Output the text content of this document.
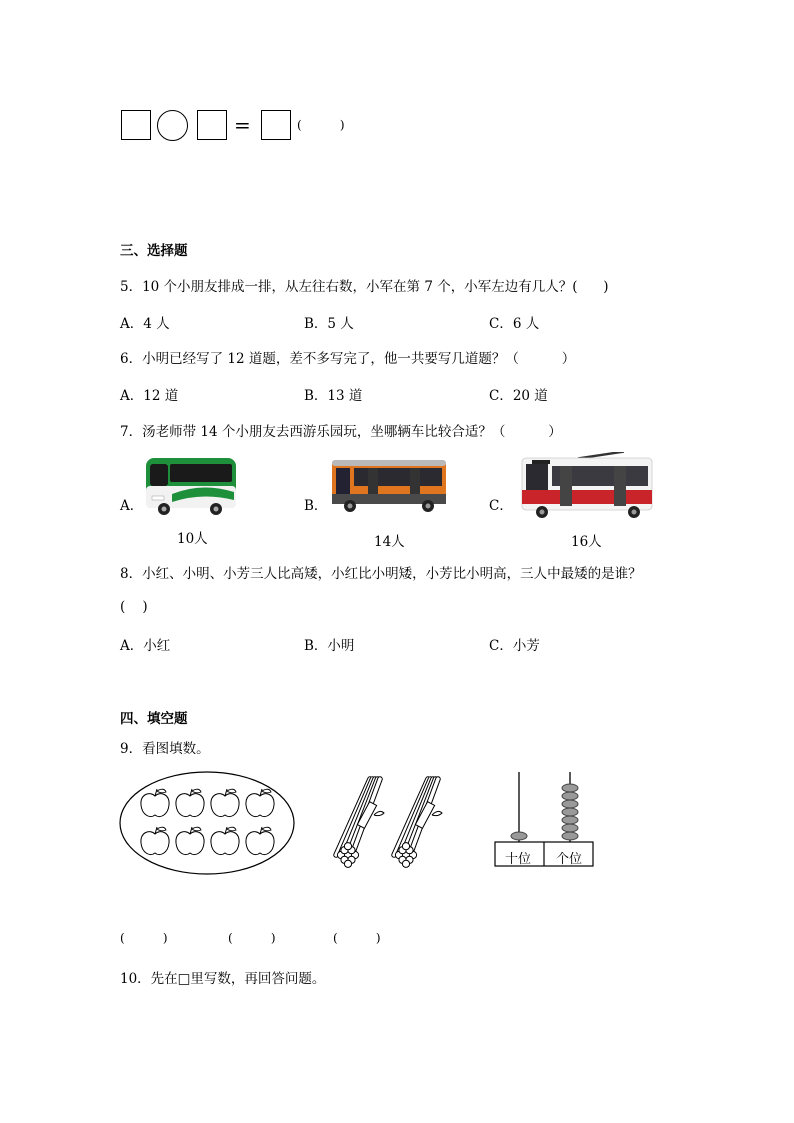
=	(          )
三、选择题
5．10 个小朋友排成一排，从左往右数，小军在第 7 个，小军左边有几人？(      )
A．4 人	B．5 人	C．6 人
6．小明已经写了 12 道题，差不多写完了，他一共要写几道题？（          ）
A．12 道	B．13 道	C．20 道
7．汤老师带 14 个小朋友去西游乐园玩，坐哪辆车比较合适？（          ）
A．	B．	C．
10人	14人	16人
8．小红、小明、小芳三人比高矮，小红比小明矮，小芳比小明高，三人中最矮的是谁？
(    )
A．小红	B．小明	C．小芳
四、填空题
9．看图填数。
十位 个位
(          )	(          )	(          )
10．先在□里写数，再回答问题。
